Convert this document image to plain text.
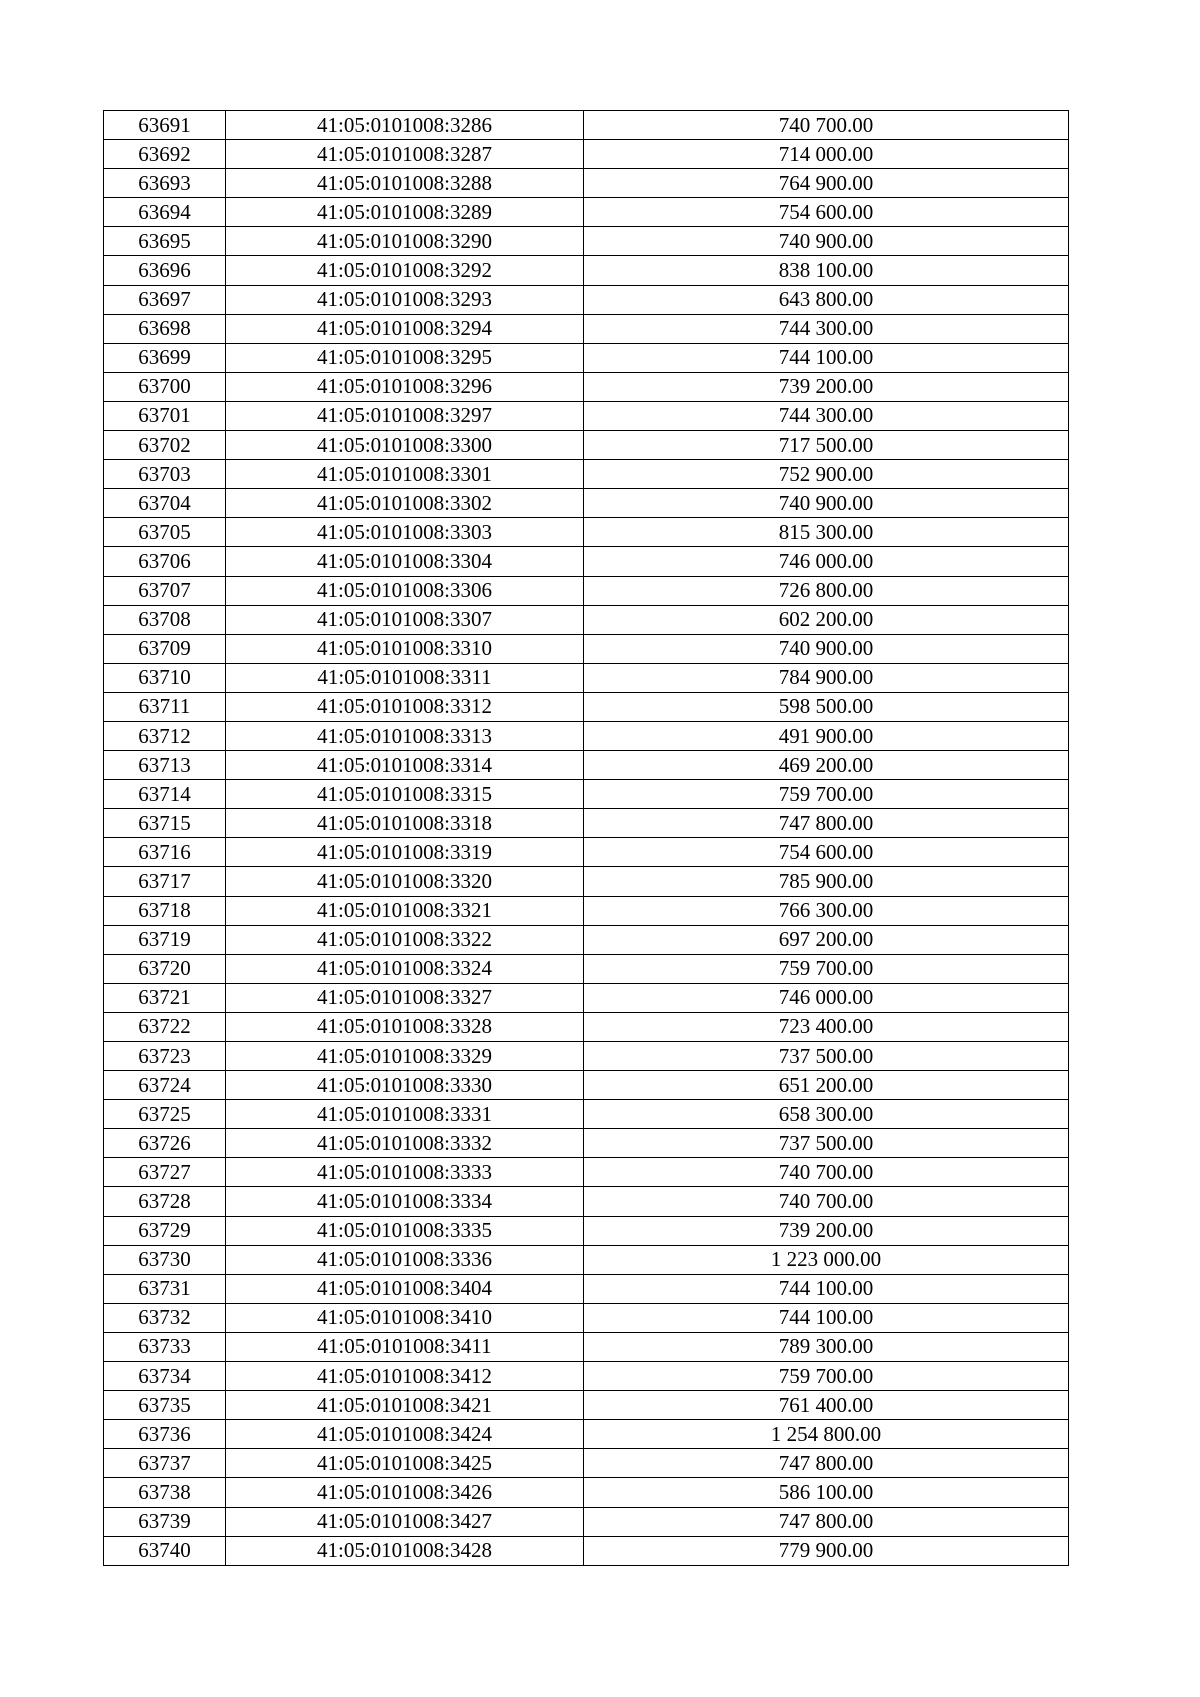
63691	41:05:0101008:3286	740 700.00
63692	41:05:0101008:3287	714 000.00
63693	41:05:0101008:3288	764 900.00
63694	41:05:0101008:3289	754 600.00
63695	41:05:0101008:3290	740 900.00
63696	41:05:0101008:3292	838 100.00
63697	41:05:0101008:3293	643 800.00
63698	41:05:0101008:3294	744 300.00
63699	41:05:0101008:3295	744 100.00
63700	41:05:0101008:3296	739 200.00
63701	41:05:0101008:3297	744 300.00
63702	41:05:0101008:3300	717 500.00
63703	41:05:0101008:3301	752 900.00
63704	41:05:0101008:3302	740 900.00
63705	41:05:0101008:3303	815 300.00
63706	41:05:0101008:3304	746 000.00
63707	41:05:0101008:3306	726 800.00
63708	41:05:0101008:3307	602 200.00
63709	41:05:0101008:3310	740 900.00
63710	41:05:0101008:3311	784 900.00
63711	41:05:0101008:3312	598 500.00
63712	41:05:0101008:3313	491 900.00
63713	41:05:0101008:3314	469 200.00
63714	41:05:0101008:3315	759 700.00
63715	41:05:0101008:3318	747 800.00
63716	41:05:0101008:3319	754 600.00
63717	41:05:0101008:3320	785 900.00
63718	41:05:0101008:3321	766 300.00
63719	41:05:0101008:3322	697 200.00
63720	41:05:0101008:3324	759 700.00
63721	41:05:0101008:3327	746 000.00
63722	41:05:0101008:3328	723 400.00
63723	41:05:0101008:3329	737 500.00
63724	41:05:0101008:3330	651 200.00
63725	41:05:0101008:3331	658 300.00
63726	41:05:0101008:3332	737 500.00
63727	41:05:0101008:3333	740 700.00
63728	41:05:0101008:3334	740 700.00
63729	41:05:0101008:3335	739 200.00
63730	41:05:0101008:3336	1 223 000.00
63731	41:05:0101008:3404	744 100.00
63732	41:05:0101008:3410	744 100.00
63733	41:05:0101008:3411	789 300.00
63734	41:05:0101008:3412	759 700.00
63735	41:05:0101008:3421	761 400.00
63736	41:05:0101008:3424	1 254 800.00
63737	41:05:0101008:3425	747 800.00
63738	41:05:0101008:3426	586 100.00
63739	41:05:0101008:3427	747 800.00
63740	41:05:0101008:3428	779 900.00
